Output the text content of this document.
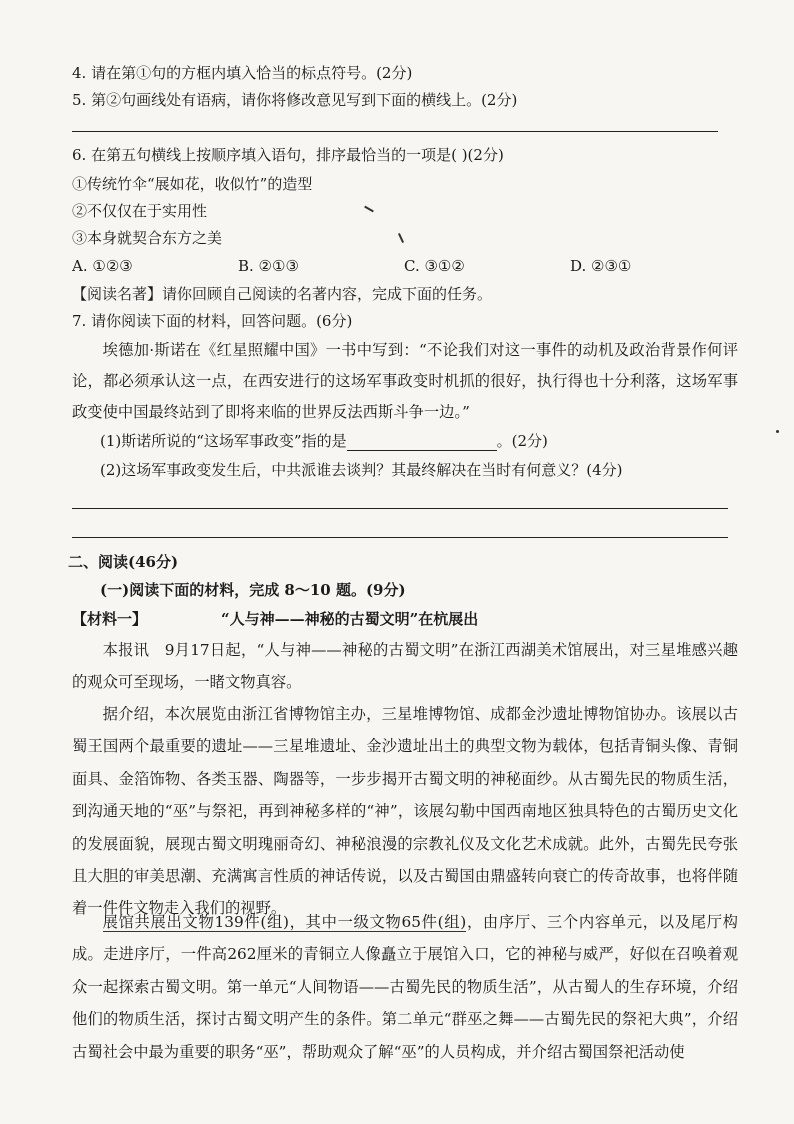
4. 请在第①句的方框内填入恰当的标点符号。(2分)
5. 第②句画线处有语病，请你将修改意见写到下面的横线上。(2分)
6. 在第五句横线上按顺序填入语句，排序最恰当的一项是( )(2分)
①传统竹伞“展如花，收似竹”的造型
②不仅仅在于实用性
③本身就契合东方之美
A. ①②③	B. ②①③	C. ③①②	D. ②③①
【阅读名著】请你回顾自己阅读的名著内容，完成下面的任务。
7. 请你阅读下面的材料，回答问题。(6分)
埃德加·斯诺在《红星照耀中国》一书中写到：“不论我们对这一事件的动机及政治背景作何评论，都必须承认这一点，在西安进行的这场军事政变时机抓的很好，执行得也十分利落，这场军事政变使中国最终站到了即将来临的世界反法西斯斗争一边。”
(1)斯诺所说的“这场军事政变”指的是	。(2分)
(2)这场军事政变发生后，中共派谁去谈判？其最终解决在当时有何意义？(4分)
二、阅读(46分)
(一)阅读下面的材料，完成 8～10 题。(9分)
【材料一】	“人与神——神秘的古蜀文明”在杭展出
本报讯　9月17日起，“人与神——神秘的古蜀文明”在浙江西湖美术馆展出，对三星堆感兴趣的观众可至现场，一睹文物真容。
据介绍，本次展览由浙江省博物馆主办，三星堆博物馆、成都金沙遗址博物馆协办。该展以古蜀王国两个最重要的遗址——三星堆遗址、金沙遗址出土的典型文物为载体，包括青铜头像、青铜面具、金箔饰物、各类玉器、陶器等，一步步揭开古蜀文明的神秘面纱。从古蜀先民的物质生活，到沟通天地的“巫”与祭祀，再到神秘多样的“神”，该展勾勒中国西南地区独具特色的古蜀历史文化的发展面貌，展现古蜀文明瑰丽奇幻、神秘浪漫的宗教礼仪及文化艺术成就。此外，古蜀先民夸张且大胆的审美思潮、充满寓言性质的神话传说，以及古蜀国由鼎盛转向衰亡的传奇故事，也将伴随着一件件文物走入我们的视野。
展馆共展出文物139件(组)，其中一级文物65件(组)，由序厅、三个内容单元，以及尾厅构成。走进序厅，一件高262厘米的青铜立人像矗立于展馆入口，它的神秘与威严，好似在召唤着观众一起探索古蜀文明。第一单元“人间物语——古蜀先民的物质生活”，从古蜀人的生存环境，介绍他们的物质生活，探讨古蜀文明产生的条件。第二单元“群巫之舞——古蜀先民的祭祀大典”，介绍古蜀社会中最为重要的职务“巫”，帮助观众了解“巫”的人员构成，并介绍古蜀国祭祀活动使
